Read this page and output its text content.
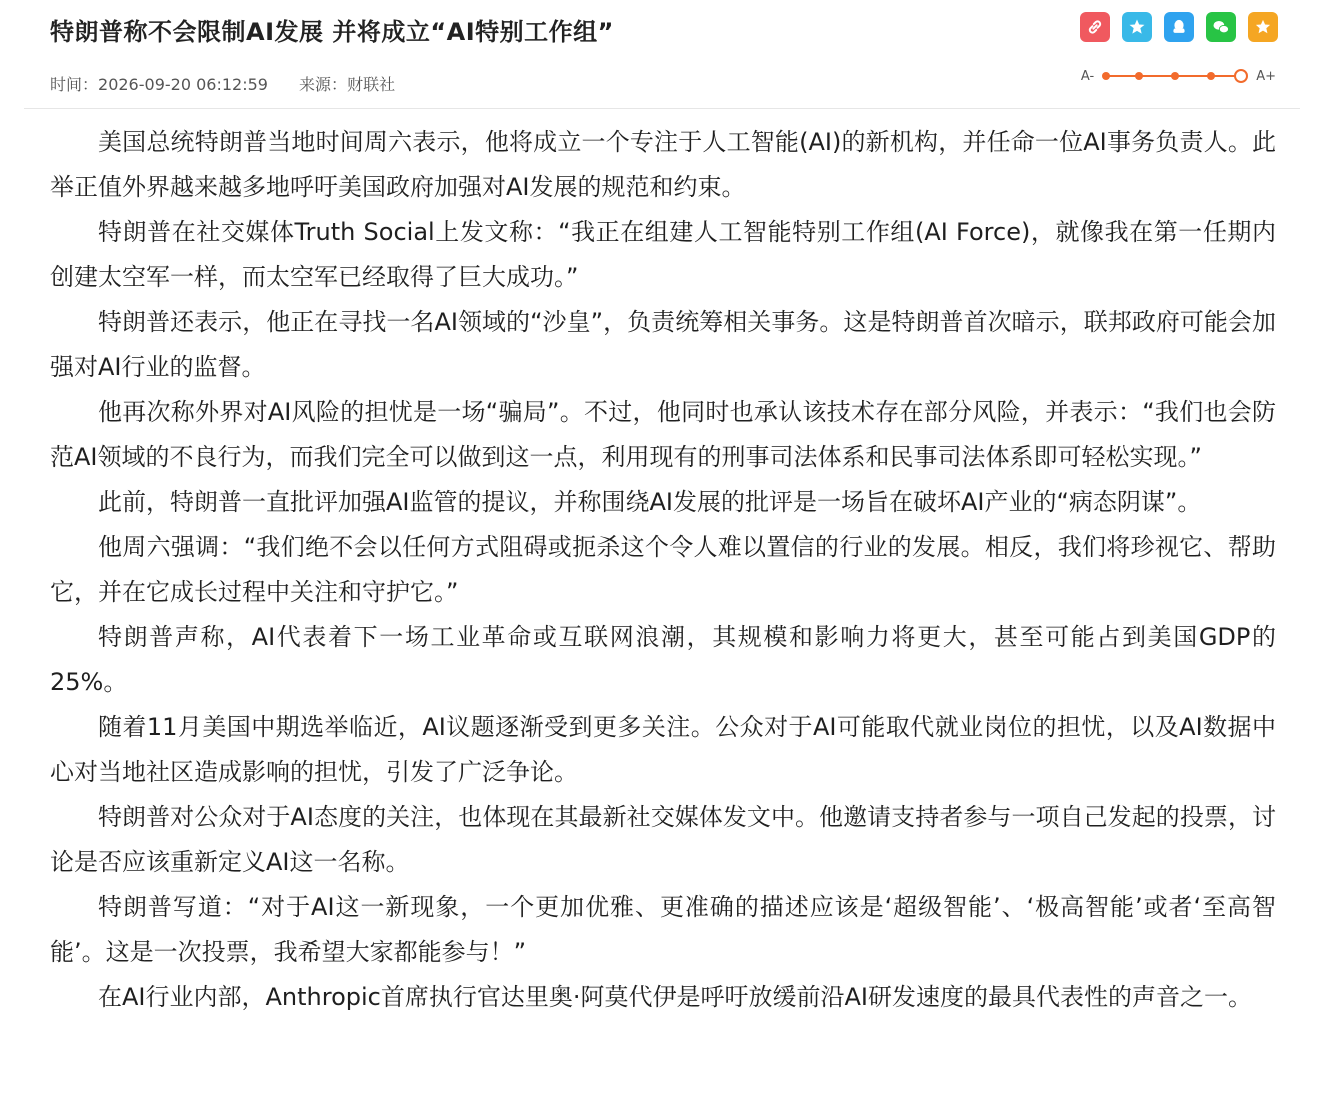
特朗普称不会限制AI发展 并将成立“AI特别工作组”
时间：2026-09-20 06:12:59 来源：财联社	A-	A+

美国总统特朗普当地时间周六表示，他将成立一个专注于人工智能(AI)的新机构，并任命一位AI事务负责人。此举正值外界越来越多地呼吁美国政府加强对AI发展的规范和约束。

特朗普在社交媒体Truth Social上发文称：“我正在组建人工智能特别工作组(AI Force)，就像我在第一任期内创建太空军一样，而太空军已经取得了巨大成功。”

特朗普还表示，他正在寻找一名AI领域的“沙皇”，负责统筹相关事务。这是特朗普首次暗示，联邦政府可能会加强对AI行业的监督。

他再次称外界对AI风险的担忧是一场“骗局”。不过，他同时也承认该技术存在部分风险，并表示：“我们也会防范AI领域的不良行为，而我们完全可以做到这一点，利用现有的刑事司法体系和民事司法体系即可轻松实现。”

此前，特朗普一直批评加强AI监管的提议，并称围绕AI发展的批评是一场旨在破坏AI产业的“病态阴谋”。

他周六强调：“我们绝不会以任何方式阻碍或扼杀这个令人难以置信的行业的发展。相反，我们将珍视它、帮助它，并在它成长过程中关注和守护它。”

特朗普声称，AI代表着下一场工业革命或互联网浪潮，其规模和影响力将更大，甚至可能占到美国GDP的25%。

随着11月美国中期选举临近，AI议题逐渐受到更多关注。公众对于AI可能取代就业岗位的担忧，以及AI数据中心对当地社区造成影响的担忧，引发了广泛争论。

特朗普对公众对于AI态度的关注，也体现在其最新社交媒体发文中。他邀请支持者参与一项自己发起的投票，讨论是否应该重新定义AI这一名称。

特朗普写道：“对于AI这一新现象，一个更加优雅、更准确的描述应该是‘超级智能’、‘极高智能’或者‘至高智能’。这是一次投票，我希望大家都能参与！”

在AI行业内部，Anthropic首席执行官达里奥·阿莫代伊是呼吁放缓前沿AI研发速度的最具代表性的声音之一。
